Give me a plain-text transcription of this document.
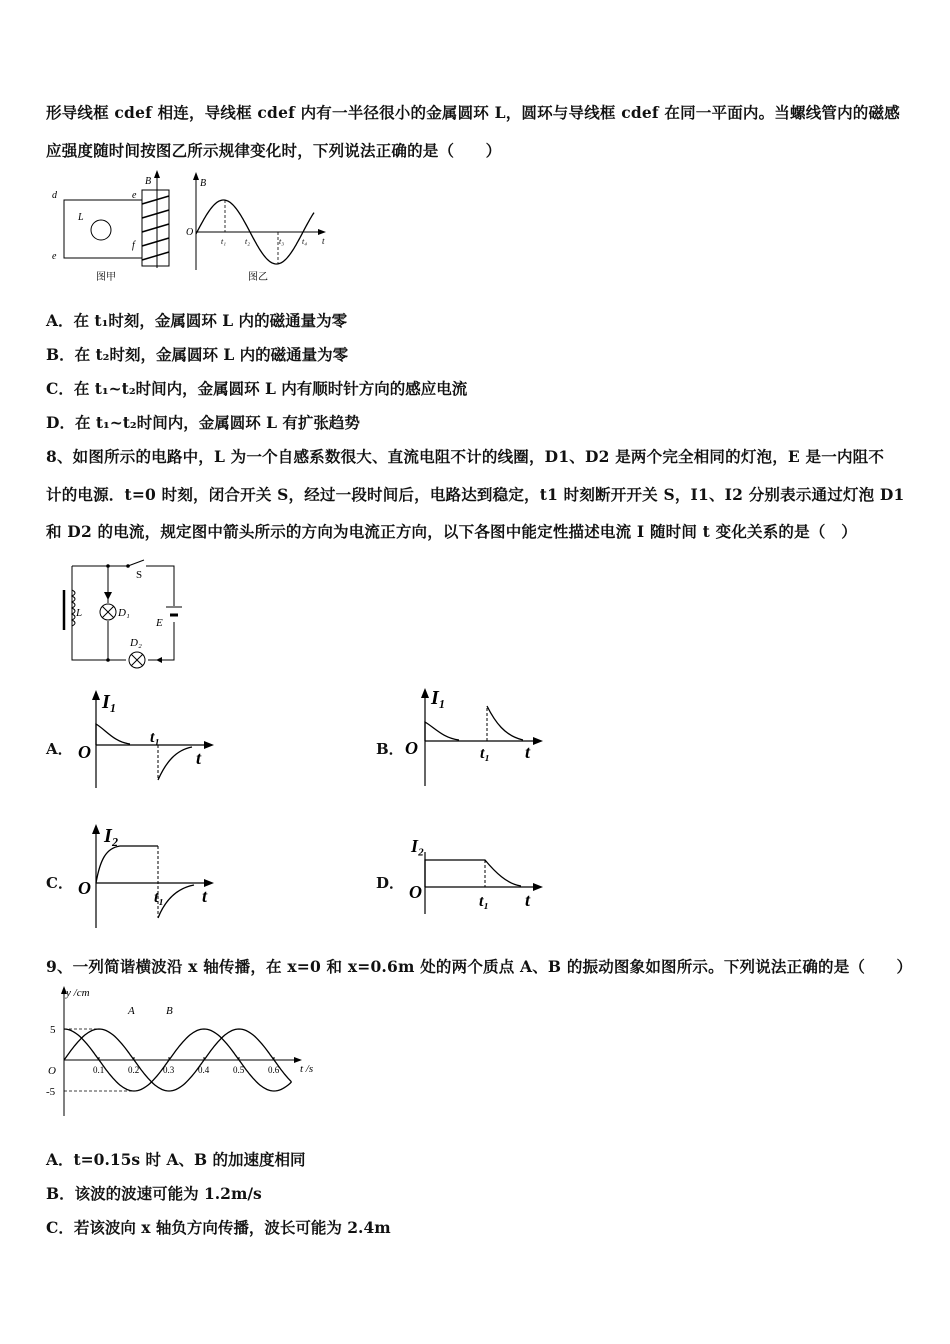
形导线框 cdef 相连，导线框 cdef 内有一半径很小的金属圆环 L，圆环与导线框 cdef 在同一平面内。当螺线管内的磁感
应强度随时间按图乙所示规律变化时，下列说法正确的是（　　）
d	e
e
f
L
B
图甲
B
O
t₁ t₂	t₃ t₄ t
图乙
A．在 t₁时刻，金属圆环 L 内的磁通量为零
B．在 t₂时刻，金属圆环 L 内的磁通量为零
C．在 t₁~t₂时间内，金属圆环 L 内有顺时针方向的感应电流
D．在 t₁~t₂时间内，金属圆环 L 有扩张趋势
8、如图所示的电路中，L 为一个自感系数很大、直流电阻不计的线圈，D1、D2 是两个完全相同的灯泡，E 是一内阻不
计的电源．t=0 时刻，闭合开关 S，经过一段时间后，电路达到稳定，t1 时刻断开开关 S，I1、I2 分别表示通过灯泡 D1
和 D2 的电流，规定图中箭头所示的方向为电流正方向，以下各图中能定性描述电流 I 随时间 t 变化关系的是（　）
S
L	D₁
D₂
E
A．
I₁
O
t₁
t	B．
I₁
O	t₁ t
C．
I₂
O	t₁ t
D．
I₂
O	t₁ t
9、一列简谐横波沿 x 轴传播，在 x=0 和 x=0.6m 处的两个质点 A、B 的振动图象如图所示。下列说法正确的是（　　）
0.1	0.2	0.3	0.4	0.5	0.6
y /cm
t /s
O
5
-5
A	B
A．t=0.15s 时 A、B 的加速度相同
B．该波的波速可能为 1.2m/s
C．若该波向 x 轴负方向传播，波长可能为 2.4m
